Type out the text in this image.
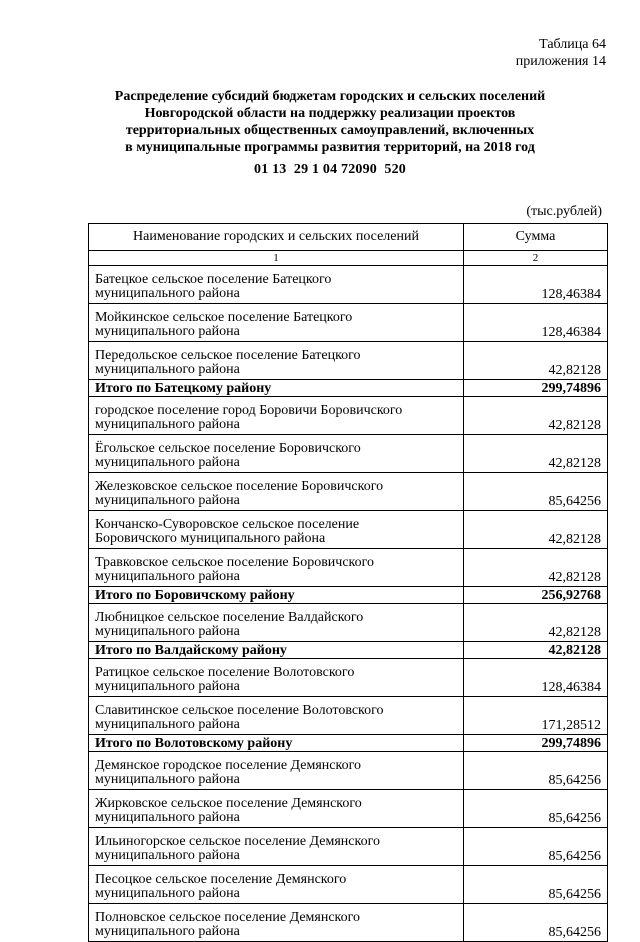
Таблица 64
приложения 14
Распределение субсидий бюджетам городских и сельских поселений
Новгородской области на поддержку реализации проектов
территориальных общественных самоуправлений, включенных
в муниципальные программы развития территорий, на 2018 год
01 13  29 1 04 72090  520
(тыс.рублей)
Наименование городских и сельских поселений	Сумма
1	2

Батецкое сельское поселение Батецкого
муниципального района	128,46384

Мойкинское сельское поселение Батецкого
муниципального района	128,46384

Передольское сельское поселение Батецкого
муниципального района	42,82128

Итого по Батецкому району	299,74896

городское поселение город Боровичи Боровичского
муниципального района	42,82128

Ёгольское сельское поселение Боровичского
муниципального района	42,82128

Железковское сельское поселение Боровичского
муниципального района	85,64256

Кончанско-Суворовское сельское поселение
Боровичского муниципального района	42,82128

Травковское сельское поселение Боровичского
муниципального района	42,82128

Итого по Боровичскому району	256,92768

Любницкое сельское поселение Валдайского
муниципального района	42,82128

Итого по Валдайскому району	42,82128

Ратицкое сельское поселение Волотовского
муниципального района	128,46384

Славитинское сельское поселение Волотовского
муниципального района	171,28512

Итого по Волотовскому району	299,74896

Демянское городское поселение Демянского
муниципального района	85,64256

Жирковское сельское поселение Демянского
муниципального района	85,64256

Ильиногорское сельское поселение Демянского
муниципального района	85,64256

Песоцкое сельское поселение Демянского
муниципального района	85,64256

Полновское сельское поселение Демянского
муниципального района	85,64256
